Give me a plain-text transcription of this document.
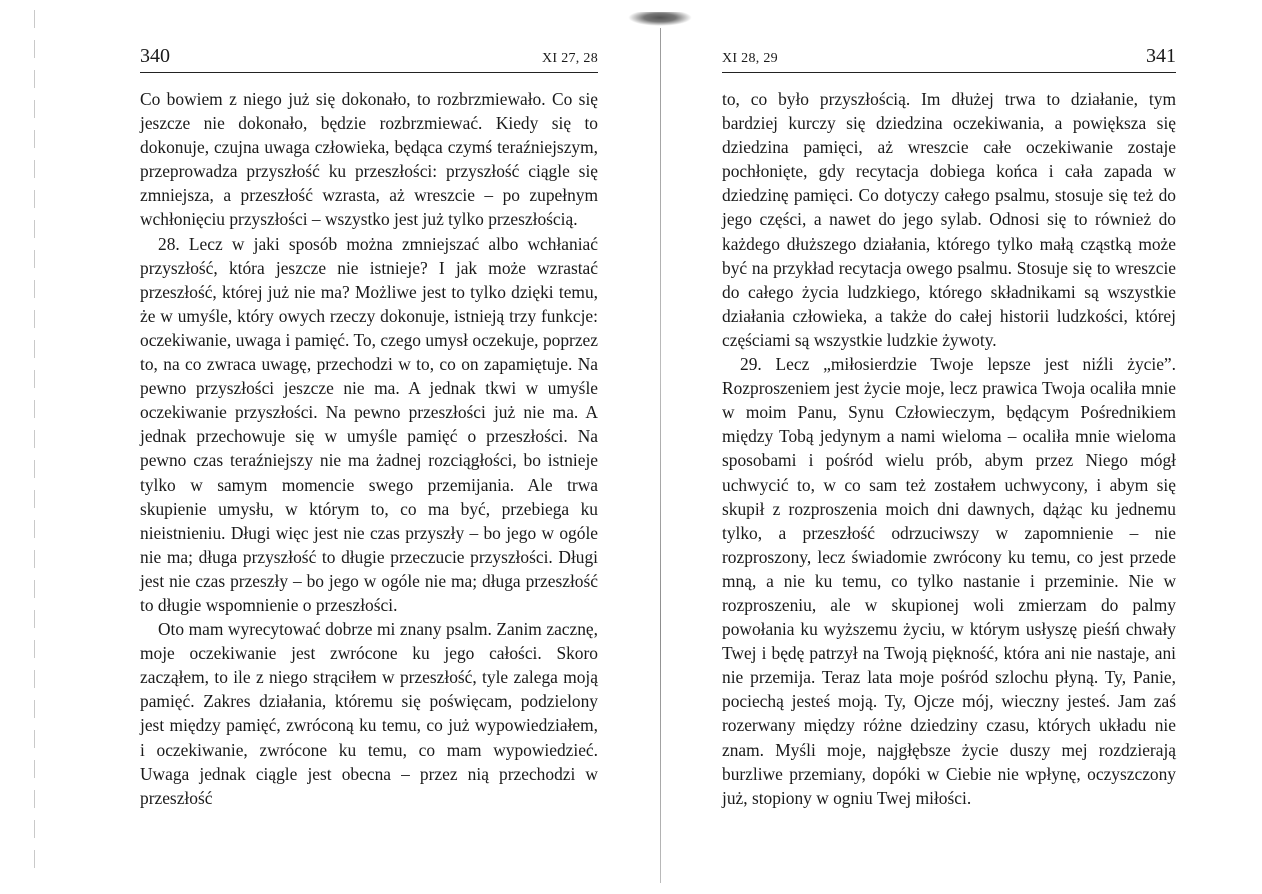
340	XI 27, 28

Co bowiem z niego już się dokonało, to rozbrzmiewało. Co się jeszcze nie dokonało, będzie rozbrzmiewać. Kiedy się to dokonuje, czujna uwaga człowieka, będąca czymś teraźniejszym, przeprowadza przyszłość ku przeszłości: przyszłość ciągle się zmniejsza, a przeszłość wzrasta, aż wreszcie – po zupełnym wchłonięciu przyszłości – wszystko jest już tylko przeszłością.

28. Lecz w jaki sposób można zmniejszać albo wchłaniać przyszłość, która jeszcze nie istnieje? I jak może wzrastać przeszłość, której już nie ma? Możliwe jest to tylko dzięki temu, że w umyśle, który owych rzeczy dokonuje, istnieją trzy funkcje: oczekiwanie, uwaga i pamięć. To, czego umysł oczekuje, poprzez to, na co zwraca uwagę, przechodzi w to, co on zapamiętuje. Na pewno przyszłości jeszcze nie ma. A jednak tkwi w umyśle oczekiwanie przyszłości. Na pewno przeszłości już nie ma. A jednak przechowuje się w umyśle pamięć o przeszłości. Na pewno czas teraźniejszy nie ma żadnej rozciągłości, bo istnieje tylko w samym momencie swego przemijania. Ale trwa skupienie umysłu, w którym to, co ma być, przebiega ku nieistnieniu. Długi więc jest nie czas przyszły – bo jego w ogóle nie ma; długa przyszłość to długie przeczucie przyszłości. Długi jest nie czas przeszły – bo jego w ogóle nie ma; długa przeszłość to długie wspomnienie o przeszłości.

Oto mam wyrecytować dobrze mi znany psalm. Zanim zacznę, moje oczekiwanie jest zwrócone ku jego całości. Skoro zacząłem, to ile z niego strąciłem w przeszłość, tyle zalega moją pamięć. Zakres działania, któremu się poświęcam, podzielony jest między pamięć, zwróconą ku temu, co już wypowiedziałem, i oczekiwanie, zwrócone ku temu, co mam wypowiedzieć. Uwaga jednak ciągle jest obecna – przez nią przechodzi w przeszłość

XI 28, 29	341

to, co było przyszłością. Im dłużej trwa to działanie, tym bardziej kurczy się dziedzina oczekiwania, a powiększa się dziedzina pamięci, aż wreszcie całe oczekiwanie zostaje pochłonięte, gdy recytacja dobiega końca i cała zapada w dziedzinę pamięci. Co dotyczy całego psalmu, stosuje się też do jego części, a nawet do jego sylab. Odnosi się to również do każdego dłuższego działania, którego tylko małą cząstką może być na przykład recytacja owego psalmu. Stosuje się to wreszcie do całego życia ludzkiego, którego składnikami są wszystkie działania człowieka, a także do całej historii ludzkości, której częściami są wszystkie ludzkie żywoty.

29. Lecz „miłosierdzie Twoje lepsze jest niźli życie”. Rozproszeniem jest życie moje, lecz prawica Twoja ocaliła mnie w moim Panu, Synu Człowieczym, będącym Pośrednikiem między Tobą jedynym a nami wieloma – ocaliła mnie wieloma sposobami i pośród wielu prób, abym przez Niego mógł uchwycić to, w co sam też zostałem uchwycony, i abym się skupił z rozproszenia moich dni dawnych, dążąc ku jednemu tylko, a przeszłość odrzuciwszy w zapomnienie – nie rozproszony, lecz świadomie zwrócony ku temu, co jest przede mną, a nie ku temu, co tylko nastanie i przeminie. Nie w rozproszeniu, ale w skupionej woli zmierzam do palmy powołania ku wyższemu życiu, w którym usłyszę pieśń chwały Twej i będę patrzył na Twoją piękność, która ani nie nastaje, ani nie przemija. Teraz lata moje pośród szlochu płyną. Ty, Panie, pociechą jesteś moją. Ty, Ojcze mój, wieczny jesteś. Jam zaś rozerwany między różne dziedziny czasu, których układu nie znam. Myśli moje, najgłębsze życie duszy mej rozdzierają burzliwe przemiany, dopóki w Ciebie nie wpłynę, oczyszczony już, stopiony w ogniu Twej miłości.
